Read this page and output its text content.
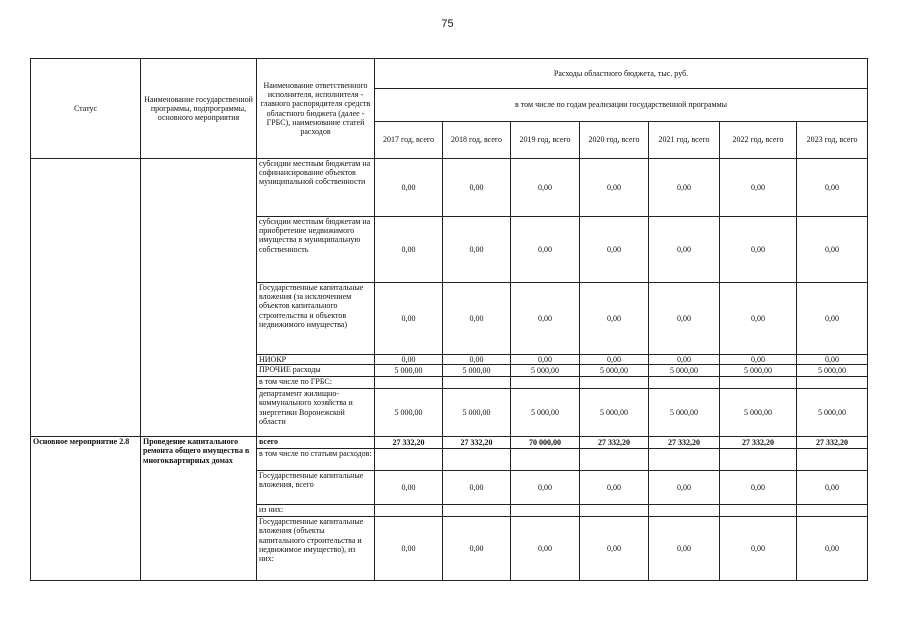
75
Статус	Наименование государственной программы, подпрограммы, основного мероприятия	Наименование ответственного исполнителя, исполнителя - главного распорядителя средств областного бюджета (далее - ГРБС), наименование статей расходов	Расходы областного бюджета, тыс. руб.						
			в том числе по годам реализации государственной программы						
			2017 год, всего	2018 год, всего	2019 год, всего	2020 год, всего	2021 год, всего	2022 год, всего	2023 год, всего
		субсидии местным бюджетам на софинансирование объектов муниципальной собственности	0,00	0,00	0,00	0,00	0,00	0,00	0,00
		субсидии местным бюджетам на приобретение недвижимого имущества в муниципальную собственность	0,00	0,00	0,00	0,00	0,00	0,00	0,00
		Государственные капитальные вложения (за исключением объектов капитального строительства и объектов недвижимого имущества)	0,00	0,00	0,00	0,00	0,00	0,00	0,00
		НИОКР	0,00	0,00	0,00	0,00	0,00	0,00	0,00
		ПРОЧИЕ расходы	5 000,00	5 000,00	5 000,00	5 000,00	5 000,00	5 000,00	5 000,00
		в том числе по ГРБС:							
		департамент жилищно-коммунального хозяйства и энергетики Воронежской области	5 000,00	5 000,00	5 000,00	5 000,00	5 000,00	5 000,00	5 000,00
Основное мероприятие 2.8	Проведение капитального ремонта общего имущества в многоквартирных домах	всего	27 332,20	27 332,20	70 000,00	27 332,20	27 332,20	27 332,20	27 332,20
		в том числе по статьям расходов:							
		Государственные капитальные вложения, всего	0,00	0,00	0,00	0,00	0,00	0,00	0,00
		из них:							
		Государственные капитальные вложения (объекты капитального строительства и недвижимое имущество), из них:	0,00	0,00	0,00	0,00	0,00	0,00	0,00
